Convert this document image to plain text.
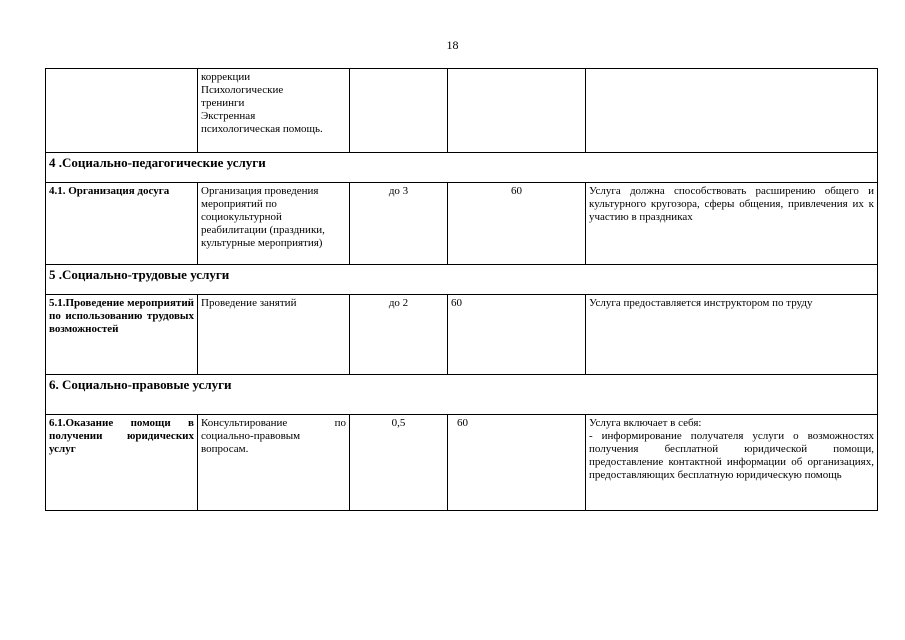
18

	коррекции
Психологические
тренинги
Экстренная
психологическая помощь.			

4 .Социально-педагогические услуги				
4.1. Организация досуга	Организация проведения мероприятий по социокультурной реабилитации (праздники, культурные мероприятия)	до 3	60	Услуга должна способствовать расширению общего и культурного кругозора, сферы общения, привлечения их к участию в праздниках
5 .Социально-трудовые услуги				
5.1.Проведение мероприятий по использованию трудовых возможностей	Проведение занятий	до 2	60	Услуга предоставляется инструктором по труду
6. Социально-правовые услуги				
6.1.Оказание помощи в получении юридических услуг	Консультирование по социально-правовым вопросам.	0,5	60	Услуга включает в себя:
- информирование получателя услуги о возможностях получения бесплатной юридической помощи, предоставление контактной информации об организациях, предоставляющих бесплатную юридическую помощь
